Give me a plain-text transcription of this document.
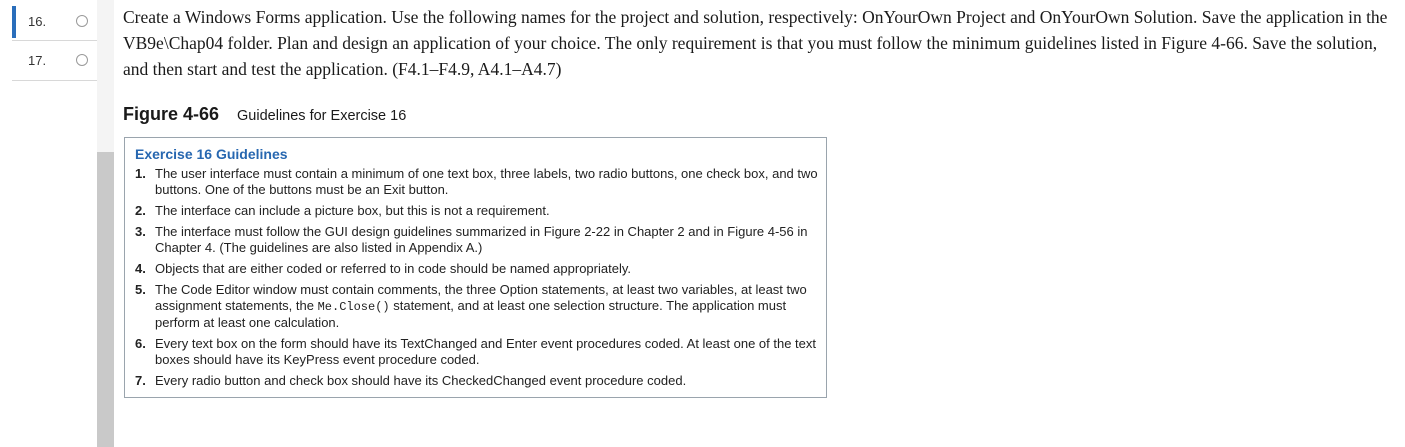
16.
17.
Create a Windows Forms application. Use the following names for the project and solution, respectively: OnYourOwn Project and OnYourOwn Solution. Save the application in the VB9e\Chap04 folder. Plan and design an application of your choice. The only requirement is that you must follow the minimum guidelines listed in Figure 4-66. Save the solution, and then start and test the application. (F4.1–F4.9, A4.1–A4.7)
Figure 4-66 Guidelines for Exercise 16
Exercise 16 Guidelines
1. The user interface must contain a minimum of one text box, three labels, two radio buttons, one check box, and two buttons. One of the buttons must be an Exit button.
2. The interface can include a picture box, but this is not a requirement.
3. The interface must follow the GUI design guidelines summarized in Figure 2-22 in Chapter 2 and in Figure 4-56 in Chapter 4. (The guidelines are also listed in Appendix A.)
4. Objects that are either coded or referred to in code should be named appropriately.
5. The Code Editor window must contain comments, the three Option statements, at least two variables, at least two assignment statements, the Me.Close() statement, and at least one selection structure. The application must perform at least one calculation.
6. Every text box on the form should have its TextChanged and Enter event procedures coded. At least one of the text boxes should have its KeyPress event procedure coded.
7. Every radio button and check box should have its CheckedChanged event procedure coded.
